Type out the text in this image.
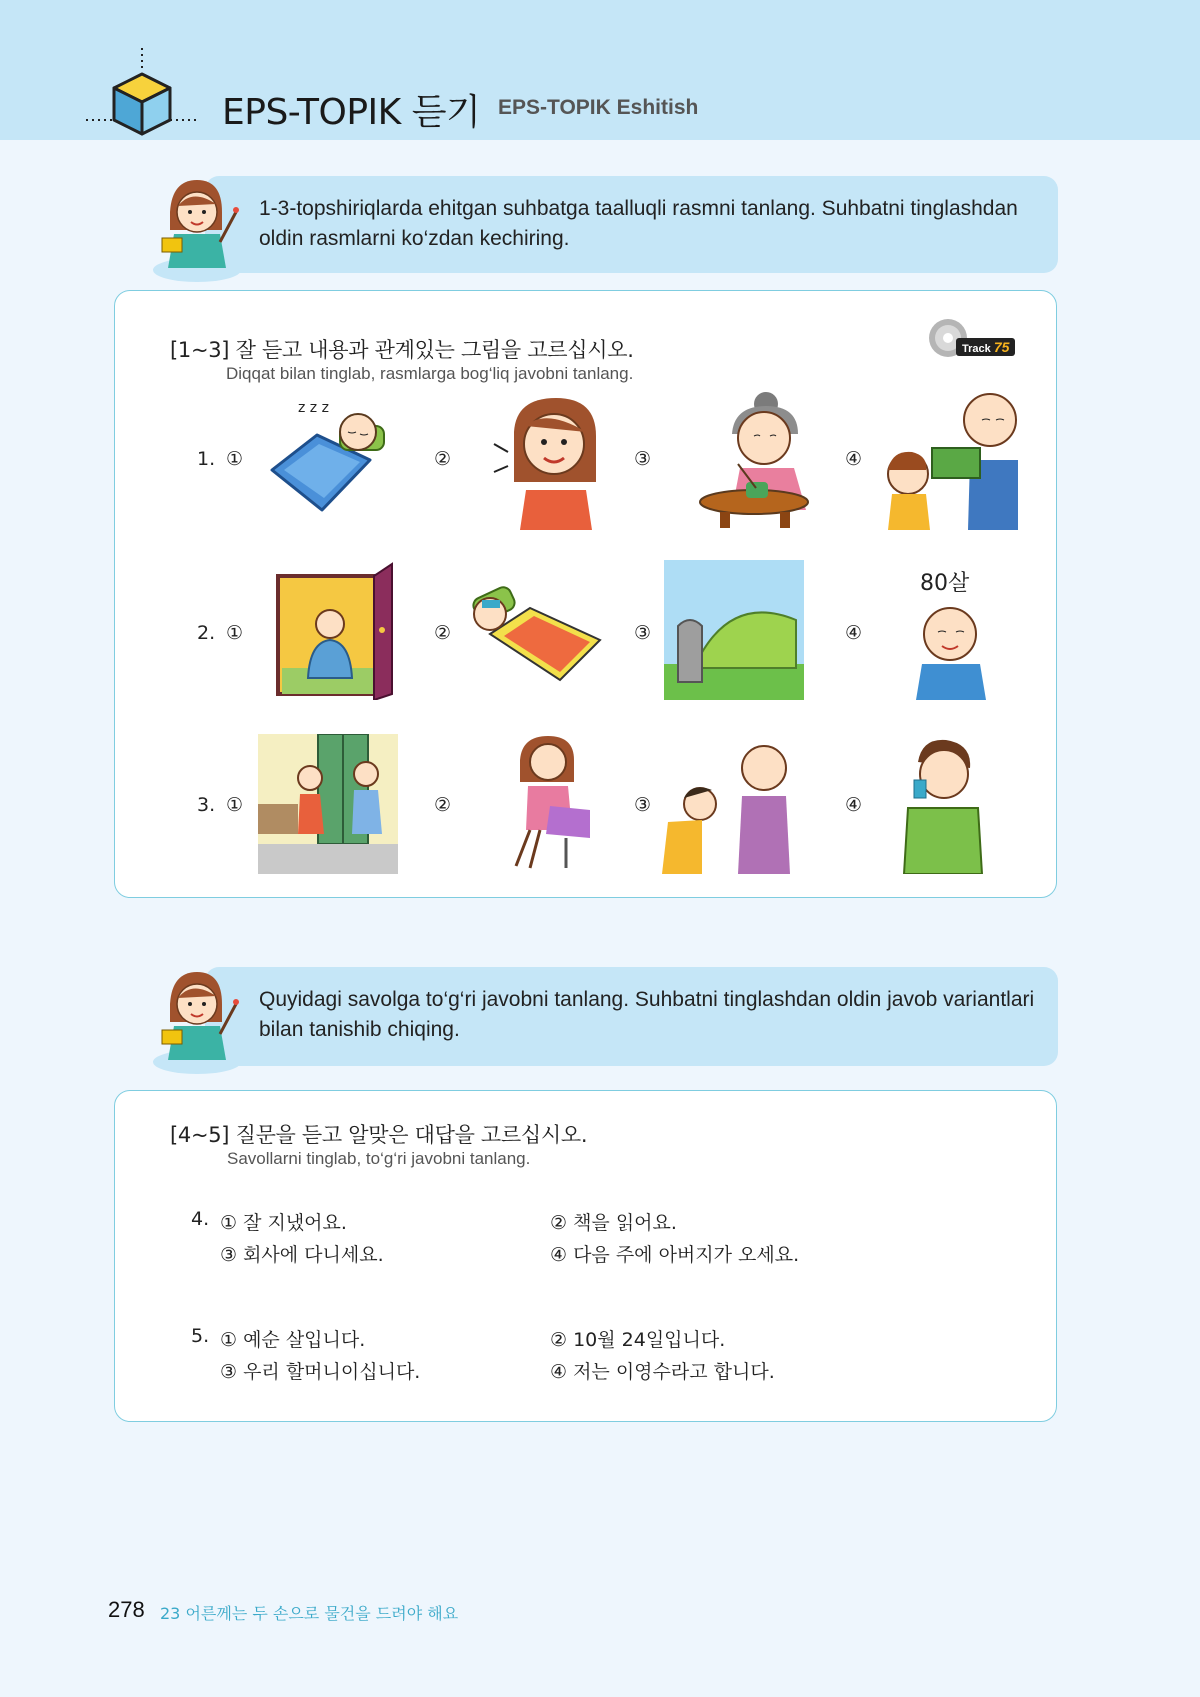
EPS-TOPIK 듣기 EPS-TOPIK Eshitish
1-3-topshiriqlarda ehitgan suhbatga taalluqli rasmni tanlang. Suhbatni tinglashdan oldin rasmlarni ko‘zdan kechiring.
[1~3] 잘 듣고 내용과 관계있는 그림을 고르십시오.
Diqqat bilan tinglab, rasmlarga bog‘liq javobni tanlang.
Track 75
1. ①	②	③	④
z z z
2. ①	②	③	④
80살
3. ①	②	③	④
Quyidagi savolga to‘g‘ri javobni tanlang. Suhbatni tinglashdan oldin javob variantlari bilan tanishib chiqing.
[4~5] 질문을 듣고 알맞은 대답을 고르십시오.
Savollarni tinglab, to‘g‘ri javobni tanlang.
4. ① 잘 지냈어요.	② 책을 읽어요.
③ 회사에 다니세요.	④ 다음 주에 아버지가 오세요.
5. ① 예순 살입니다.	② 10월 24일입니다.
③ 우리 할머니이십니다.	④ 저는 이영수라고 합니다.
278 23 어른께는 두 손으로 물건을 드려야 해요
